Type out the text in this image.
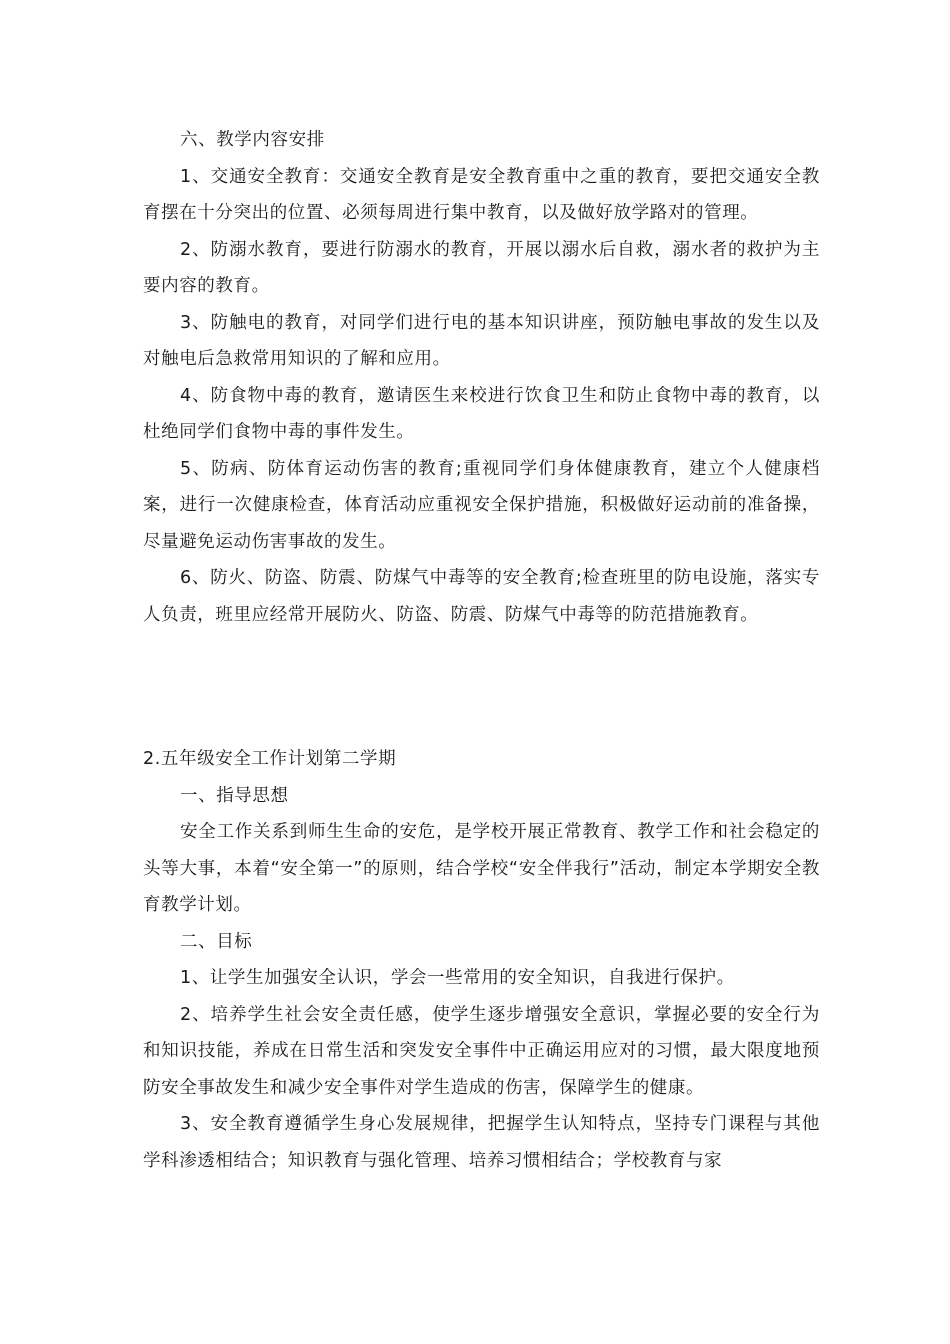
六、教学内容安排

1、交通安全教育：交通安全教育是安全教育重中之重的教育，要把交通安全教育摆在十分突出的位置、必须每周进行集中教育，以及做好放学路对的管理。

2、防溺水教育，要进行防溺水的教育，开展以溺水后自救，溺水者的救护为主要内容的教育。

3、防触电的教育，对同学们进行电的基本知识讲座，预防触电事故的发生以及对触电后急救常用知识的了解和应用。

4、防食物中毒的教育，邀请医生来校进行饮食卫生和防止食物中毒的教育，以杜绝同学们食物中毒的事件发生。

5、防病、防体育运动伤害的教育;重视同学们身体健康教育，建立个人健康档案，进行一次健康检查，体育活动应重视安全保护措施，积极做好运动前的准备操，尽量避免运动伤害事故的发生。

6、防火、防盗、防震、防煤气中毒等的安全教育;检查班里的防电设施，落实专人负责，班里应经常开展防火、防盗、防震、防煤气中毒等的防范措施教育。

2.五年级安全工作计划第二学期

一、指导思想

安全工作关系到师生生命的安危，是学校开展正常教育、教学工作和社会稳定的头等大事，本着“安全第一”的原则，结合学校“安全伴我行”活动，制定本学期安全教育教学计划。

二、目标

1、让学生加强安全认识，学会一些常用的安全知识，自我进行保护。

2、培养学生社会安全责任感，使学生逐步增强安全意识，掌握必要的安全行为和知识技能，养成在日常生活和突发安全事件中正确运用应对的习惯，最大限度地预防安全事故发生和减少安全事件对学生造成的伤害，保障学生的健康。

3、安全教育遵循学生身心发展规律，把握学生认知特点，坚持专门课程与其他学科渗透相结合；知识教育与强化管理、培养习惯相结合；学校教育与家
